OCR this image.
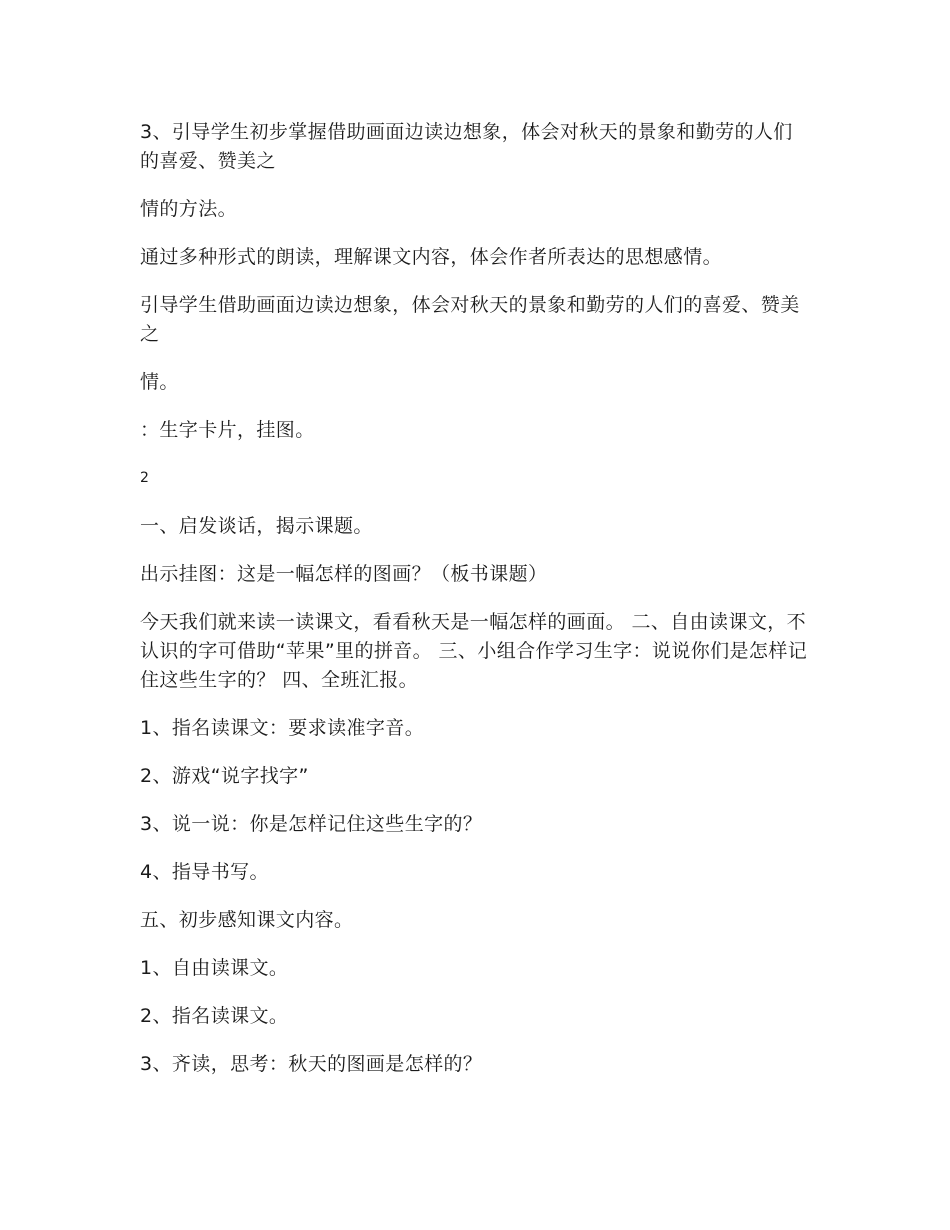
3、引导学生初步掌握借助画面边读边想象，体会对秋天的景象和勤劳的人们的喜爱、赞美之

情的方法。

通过多种形式的朗读，理解课文内容，体会作者所表达的思想感情。

引导学生借助画面边读边想象，体会对秋天的景象和勤劳的人们的喜爱、赞美之

情。

：生字卡片，挂图。

2

一、启发谈话，揭示课题。

出示挂图：这是一幅怎样的图画？（板书课题）

今天我们就来读一读课文，看看秋天是一幅怎样的画面。 二、自由读课文，不认识的字可借助“苹果”里的拼音。 三、小组合作学习生字：说说你们是怎样记住这些生字的？ 四、全班汇报。

1、指名读课文：要求读准字音。

2、游戏“说字找字”

3、说一说：你是怎样记住这些生字的？

4、指导书写。

五、初步感知课文内容。

1、自由读课文。

2、指名读课文。

3、齐读，思考：秋天的图画是怎样的？
